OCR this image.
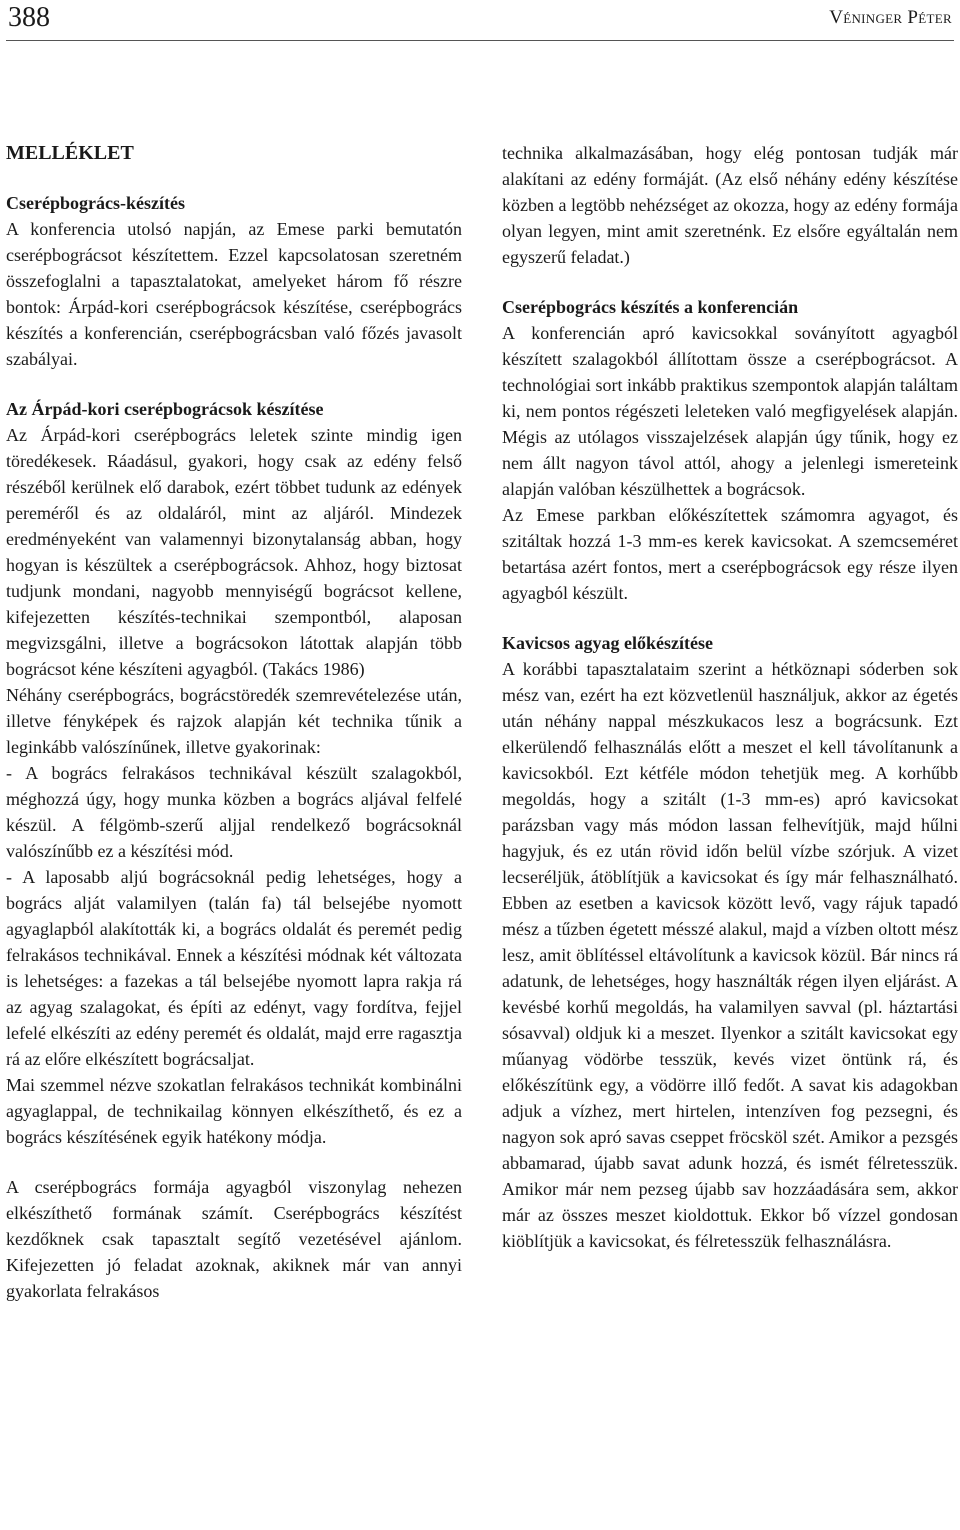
388	Véninger Péter
MELLÉKLET
Cserépbogrács-készítés

A konferencia utolsó napján, az Emese parki bemutatón cserépbográcsot készítettem. Ezzel kapcsolatosan szeretném összefoglalni a tapasztalatokat, amelyeket három fő részre bontok: Árpád-kori cserépbográcsok készítése, cserépbogrács készítés a konferencián, cserépbográcsban való főzés javasolt szabályai.

Az Árpád-kori cserépbográcsok készítése

Az Árpád-kori cserépbogrács leletek szinte mindig igen töredékesek. Ráadásul, gyakori, hogy csak az edény felső részéből kerülnek elő darabok, ezért többet tudunk az edények pereméről és az oldaláról, mint az aljáról. Mindezek eredményeként van valamennyi bizonytalanság abban, hogy hogyan is készültek a cserépbográcsok. Ahhoz, hogy biztosat tudjunk mondani, nagyobb mennyiségű bográcsot kellene, kifejezetten készítés-technikai szempontból, alaposan megvizsgálni, illetve a bográcsokon látottak alapján több bográcsot kéne készíteni agyagból. (Takács 1986)

Néhány cserépbogrács, bográcstöredék szemrevételezése után, illetve fényképek és rajzok alapján két technika tűnik a leginkább valószínűnek, illetve gyakorinak:

- A bogrács felrakásos technikával készült szalagokból, méghozzá úgy, hogy munka közben a bogrács aljával felfelé készül. A félgömb-szerű aljjal rendelkező bográcsoknál valószínűbb ez a készítési mód.

- A laposabb aljú bográcsoknál pedig lehetséges, hogy a bogrács alját valamilyen (talán fa) tál belsejébe nyomott agyaglapból alakították ki, a bogrács oldalát és peremét pedig felrakásos technikával. Ennek a készítési módnak két változata is lehetséges: a fazekas a tál belsejébe nyomott lapra rakja rá az agyag szalagokat, és építi az edényt, vagy fordítva, fejjel lefelé elkészíti az edény peremét és oldalát, majd erre ragasztja rá az előre elkészített bográcsaljat.

Mai szemmel nézve szokatlan felrakásos technikát kombinálni agyaglappal, de technikailag könnyen elkészíthető, és ez a bogrács készítésének egyik hatékony módja.

A cserépbogrács formája agyagból viszonylag nehezen elkészíthető formának számít. Cserépbogrács készítést kezdőknek csak tapasztalt segítő vezetésével ajánlom. Kifejezetten jó feladat azoknak, akiknek már van annyi gyakorlata felrakásos

technika alkalmazásában, hogy elég pontosan tudják már alakítani az edény formáját. (Az első néhány edény készítése közben a legtöbb nehézséget az okozza, hogy az edény formája olyan legyen, mint amit szeretnénk. Ez elsőre egyáltalán nem egyszerű feladat.)

Cserépbogrács készítés a konferencián

A konferencián apró kavicsokkal soványított agyagból készített szalagokból állítottam össze a cserépbográcsot. A technológiai sort inkább praktikus szempontok alapján találtam ki, nem pontos régészeti leleteken való megfigyelések alapján. Mégis az utólagos visszajelzések alapján úgy tűnik, hogy ez nem állt nagyon távol attól, ahogy a jelenlegi ismereteink alapján valóban készülhettek a bográcsok.

Az Emese parkban előkészítettek számomra agyagot, és szitáltak hozzá 1-3 mm-es kerek kavicsokat. A szemcseméret betartása azért fontos, mert a cserépbográcsok egy része ilyen agyagból készült.

Kavicsos agyag előkészítése

A korábbi tapasztalataim szerint a hétköznapi sóderben sok mész van, ezért ha ezt közvetlenül használjuk, akkor az égetés után néhány nappal mészkukacos lesz a bográcsunk. Ezt elkerülendő felhasználás előtt a meszet el kell távolítanunk a kavicsokból. Ezt kétféle módon tehetjük meg. A korhűbb megoldás, hogy a szitált (1-3 mm-es) apró kavicsokat parázsban vagy más módon lassan felhevítjük, majd hűlni hagyjuk, és ez után rövid időn belül vízbe szórjuk. A vizet lecseréljük, átöblítjük a kavicsokat és így már felhasználható. Ebben az esetben a kavicsok között levő, vagy rájuk tapadó mész a tűzben égetett mésszé alakul, majd a vízben oltott mész lesz, amit öblítéssel eltávolítunk a kavicsok közül. Bár nincs rá adatunk, de lehetséges, hogy használták régen ilyen eljárást. A kevésbé korhű megoldás, ha valamilyen savval (pl. háztartási sósavval) oldjuk ki a meszet. Ilyenkor a szitált kavicsokat egy műanyag vödörbe tesszük, kevés vizet öntünk rá, és előkészítünk egy, a vödörre illő fedőt. A savat kis adagokban adjuk a vízhez, mert hirtelen, intenzíven fog pezsegni, és nagyon sok apró savas cseppet fröcsköl szét. Amikor a pezsgés abbamarad, újabb savat adunk hozzá, és ismét félretesszük. Amikor már nem pezseg újabb sav hozzáadására sem, akkor már az összes meszet kioldottuk. Ekkor bő vízzel gondosan kiöblítjük a kavicsokat, és félretesszük felhasználásra.
